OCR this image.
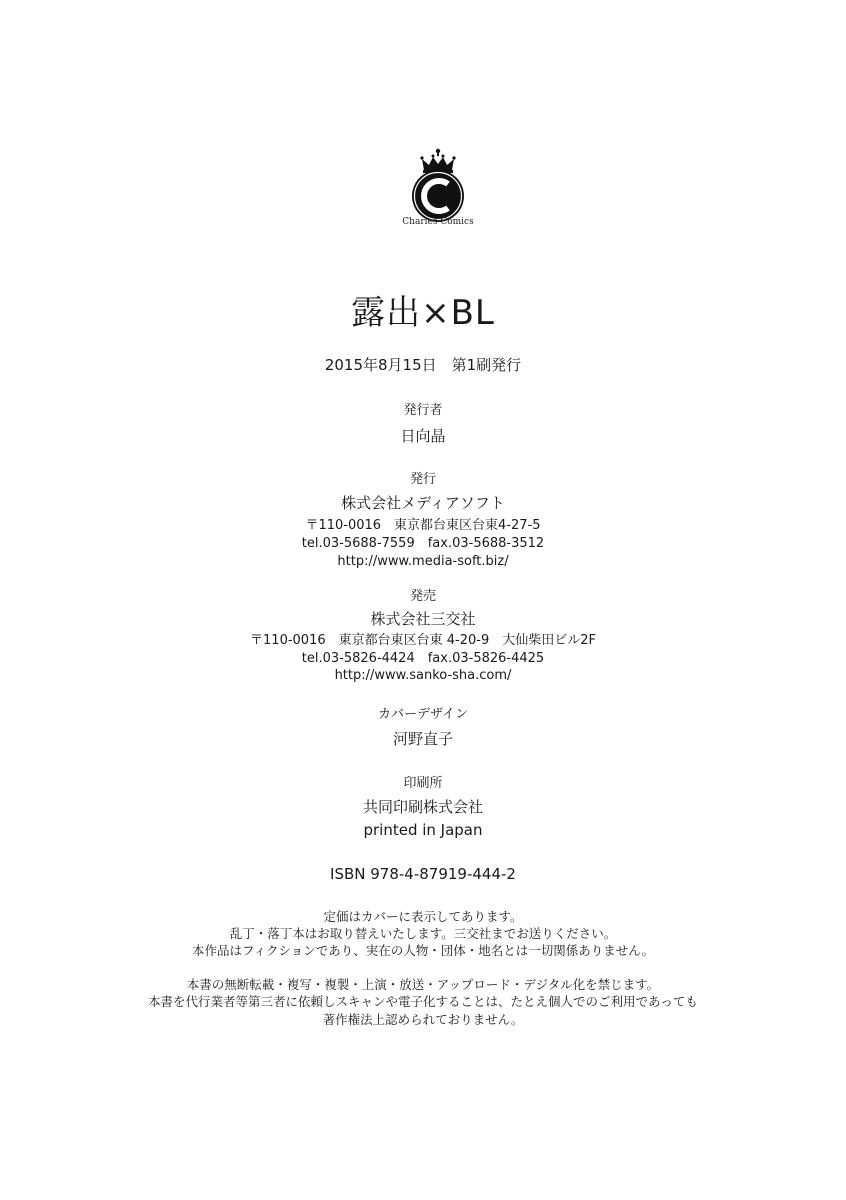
Charles Comics
露出×BL
2015年8月15日　第1刷発行
発行者
日向晶
発行
株式会社メディアソフト
〒110-0016　東京都台東区台東4-27-5
tel.03-5688-7559　fax.03-5688-3512
http://www.media-soft.biz/
発売
株式会社三交社
〒110-0016　東京都台東区台東 4-20-9　大仙柴田ビル2F
tel.03-5826-4424　fax.03-5826-4425
http://www.sanko-sha.com/
カバーデザイン
河野直子
印刷所
共同印刷株式会社
printed in Japan
ISBN 978-4-87919-444-2
定価はカバーに表示してあります。
乱丁・落丁本はお取り替えいたします。三交社までお送りください。
本作品はフィクションであり、実在の人物・団体・地名とは一切関係ありません。
本書の無断転載・複写・複製・上演・放送・アップロード・デジタル化を禁じます。
本書を代行業者等第三者に依頼しスキャンや電子化することは、たとえ個人でのご利用であっても
著作権法上認められておりません。
